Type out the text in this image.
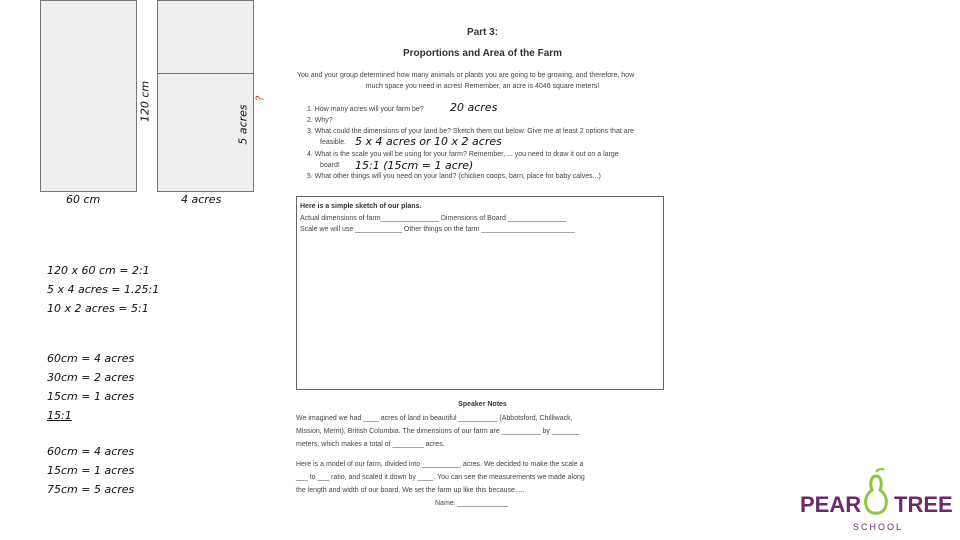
120 cm
60 cm	4 acres
5 acres
?
120 x 60 cm = 2:1
5 x 4 acres = 1.25:1
10 x 2 acres = 5:1
60cm = 4 acres
30cm = 2 acres
15cm = 1 acres
15:1
60cm = 4 acres
15cm = 1 acres
75cm = 5 acres
Part 3:
Proportions and Area of the Farm
You and your group determined how many animals or plants you are going to be growing, and therefore, how
much space you need in acres! Remember, an acre is 4046 square meters!
1. How many acres will your farm be?
2. Why?
3. What could the dimensions of your land be? Sketch them out below. Give me at least 2 options that are
feasible.
4. What is the scale you will be using for your farm? Remember, ... you need to draw it out on a large
board!
5. What other things will you need on your land? (chicken coops, barn, place for baby calves...)
20 acres
5 x 4 acres or 10 x 2 acres
15:1 (15cm = 1 acre)
Here is a simple sketch of our plans.
Actual dimensions of farm_______________ Dimensions of Board _______________
Scale we will use ____________ Other things on the farm ________________________
Speaker Notes
We imagined we had ____ acres of land in beautiful __________ (Abbotsford, Chilliwack,
Mission, Merrit), British Columbia. The dimensions of our farm are __________ by _______
meters, which makes a total of ________ acres.
Here is a model of our farm, divided into __________ acres. We decided to make the scale a
___ to ___ ratio, and scaled it down by ____. You can see the measurements we made along
the length and width of our board. We set the farm up like this because.....
Name: _____________	PEAR TREE
SCHOOL
